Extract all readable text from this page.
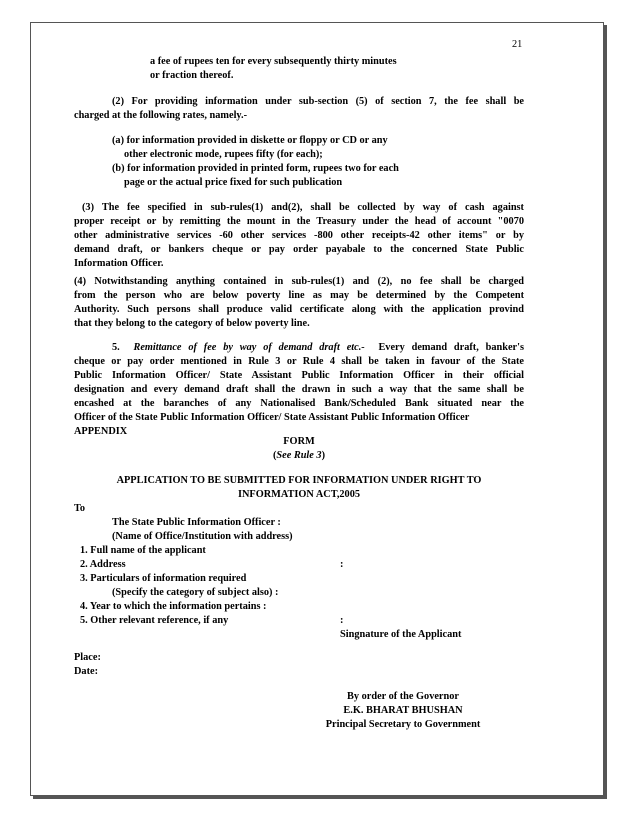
21
a fee of rupees ten for every subsequently thirty minutes
or fraction thereof.
(2) For providing information under sub-section (5) of section 7, the fee shall be
charged at the following rates, namely.-
(a) for information provided in diskette or floppy or CD or any
other electronic mode, rupees fifty (for each);
(b) for information provided in printed form, rupees two for each
page or the actual price fixed for such publication
(3) The fee specified in sub-rules(1) and(2), shall be collected by way of cash against
proper receipt or by remitting the mount in the Treasury under the head of account "0070
other administrative services -60 other services -800 other receipts-42 other items" or by
demand draft, or bankers cheque or pay order payabale to the concerned State Public
Information Officer.
(4) Notwithstanding anything contained in sub-rules(1) and (2), no fee shall be charged
from the person who are below poverty line as may be determined by the Competent
Authority. Such persons shall produce valid certificate along with the application provind
that they belong to the category of below poverty line.
5. Remittance of fee by way of demand draft etc.- Every demand draft, banker's
cheque or pay order mentioned in Rule 3 or Rule 4 shall be taken in favour of the State
Public Information Officer/ State Assistant Public Information Officer in their official
designation and every demand draft shall the drawn in such a way that the same shall be
encashed at the baranches of any Nationalised Bank/Scheduled Bank situated near the
Officer of the State Public Information Officer/ State Assistant Public Information Officer
APPENDIX
FORM
(See Rule 3)
APPLICATION TO BE SUBMITTED FOR INFORMATION UNDER RIGHT TO
INFORMATION ACT,2005
To
The State Public Information Officer :
(Name of Office/Institution with address)
1. Full name of the applicant
2. Address	:
3. Particulars of information required
(Specify the category of subject also) :
4. Year to which the information pertains :
5. Other relevant reference, if any	:
Singnature of the Applicant
Place:
Date:
By order of the Governor
E.K. BHARAT BHUSHAN
Principal Secretary to Government
